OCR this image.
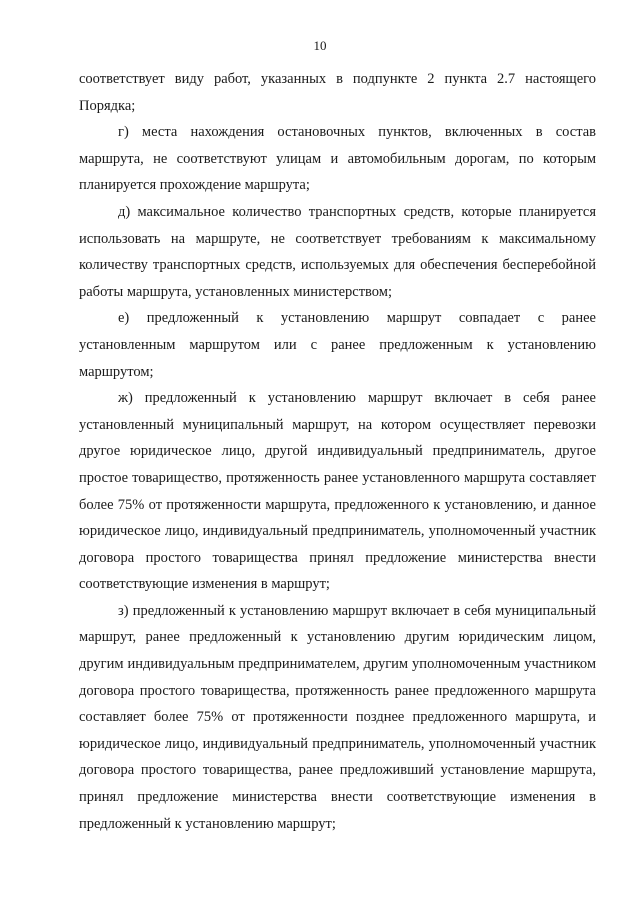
10

соответствует виду работ, указанных в подпункте 2 пункта 2.7 настоящего Порядка;

г) места нахождения остановочных пунктов, включенных в состав маршрута, не соответствуют улицам и автомобильным дорогам, по которым планируется прохождение маршрута;

д) максимальное количество транспортных средств, которые планируется использовать на маршруте, не соответствует требованиям к максимальному количеству транспортных средств, используемых для обеспечения бесперебойной работы маршрута, установленных министерством;

е) предложенный к установлению маршрут совпадает с ранее установленным маршрутом или с ранее предложенным к установлению маршрутом;

ж) предложенный к установлению маршрут включает в себя ранее установленный муниципальный маршрут, на котором осуществляет перевозки другое юридическое лицо, другой индивидуальный предприниматель, другое простое товарищество, протяженность ранее установленного маршрута составляет более 75% от протяженности маршрута, предложенного к установлению, и данное юридическое лицо, индивидуальный предприниматель, уполномоченный участник договора простого товарищества принял предложение министерства внести соответствующие изменения в маршрут;

з) предложенный к установлению маршрут включает в себя муниципальный маршрут, ранее предложенный к установлению другим юридическим лицом, другим индивидуальным предпринимателем, другим уполномоченным участником договора простого товарищества, протяженность ранее предложенного маршрута составляет более 75% от протяженности позднее предложенного маршрута, и юридическое лицо, индивидуальный предприниматель, уполномоченный участник договора простого товарищества, ранее предложивший установление маршрута, принял предложение министерства внести соответствующие изменения в предложенный к установлению маршрут;
